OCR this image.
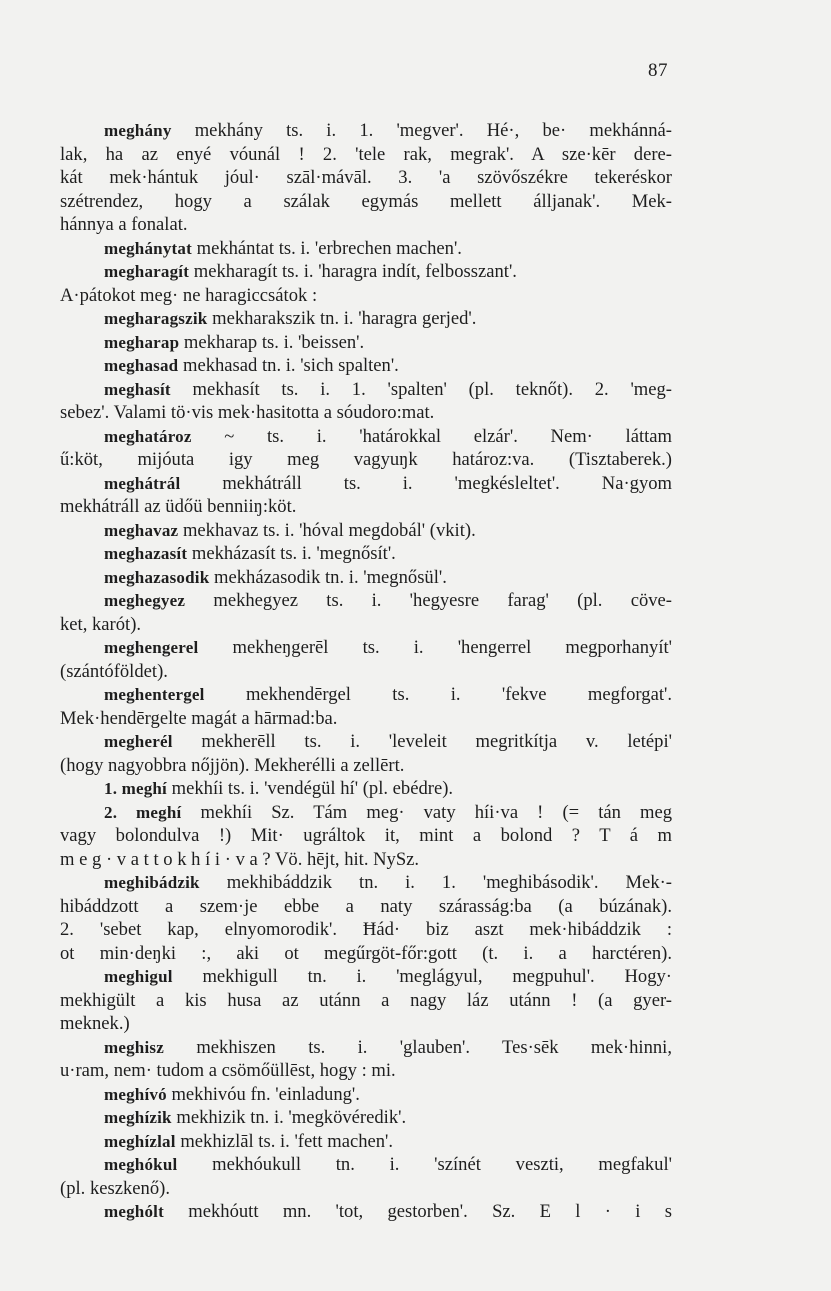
87
meghány mekhány ts. i. 1. 'megver'. Hé·, be· mekhánná-
lak, ha az enyé vóunál ! 2. 'tele rak, megrak'. A sze·kēr dere-
kát mek·hántuk jóul· szāl·mávāl. 3. 'a szövőszékre tekeréskor
szétrendez, hogy a szálak egymás mellett álljanak'. Mek-
hánnya a fonalat.
meghánytat mekhántat ts. i. 'erbrechen machen'.
megharagít mekharagít ts. i. 'haragra indít, felbosszant'.
A·pátokot meg· ne haragiccsátok :
megharagszik mekharakszik tn. i. 'haragra gerjed'.
megharap mekharap ts. i. 'beissen'.
meghasad mekhasad tn. i. 'sich spalten'.
meghasít mekhasít ts. i. 1. 'spalten' (pl. teknőt). 2. 'meg-
sebez'. Valami tö·vis mek·hasitotta a sóudoro:mat.
meghatároz ~ ts. i. 'határokkal elzár'. Nem· láttam
ű:köt, mijóuta igy meg vagyuŋk határoz:va. (Tisztaberek.)
meghátrál mekhátráll ts. i. 'megkésleltet'. Na·gyom
mekhátráll az üdőü benniiŋ:köt.
meghavaz mekhavaz ts. i. 'hóval megdobál' (vkit).
meghazasít mekházasít ts. i. 'megnősít'.
meghazasodik mekházasodik tn. i. 'megnősül'.
meghegyez mekhegyez ts. i. 'hegyesre farag' (pl. cöve-
ket, karót).
meghengerel mekheŋgerēl ts. i. 'hengerrel megporhanyít'
(szántóföldet).
meghentergel mekhendērgel ts. i. 'fekve megforgat'.
Mek·hendērgelte magát a hārmad:ba.
megherél mekherēll ts. i. 'leveleit megritkítja v. letépi'
(hogy nagyobbra nőjjön). Mekherélli a zellērt.
1. meghí mekhíi ts. i. 'vendégül hí' (pl. ebédre).
2. meghí mekhíi Sz. Tám meg· vaty híi·va ! (= tán meg
vagy bolondulva !) Mit· ugráltok it, mint a bolond ? T á m
m e g · v a t t o k h í i · v a ? Vö. hējt, hit. NySz.
meghibádzik mekhibáddzik tn. i. 1. 'meghibásodik'. Mek·-
hibáddzott a szem·je ebbe a naty szárasság:ba (a búzának).
2. 'sebet kap, elnyomorodik'. Ħád· biz aszt mek·hibáddzik :
ot min·deŋki :, aki ot megűrgöt-főr:gott (t. i. a harctéren).
meghigul mekhigull tn. i. 'meglágyul, megpuhul'. Hogy·
mekhigült a kis husa az utánn a nagy láz utánn ! (a gyer-
meknek.)
meghisz mekhiszen ts. i. 'glauben'. Tes·sēk mek·hinni,
u·ram, nem· tudom a csömőüllēst, hogy : mi.
meghívó mekhivóu fn. 'einladung'.
meghízik mekhizik tn. i. 'megkövéredik'.
meghízlal mekhizlāl ts. i. 'fett machen'.
meghókul mekhóukull tn. i. 'színét veszti, megfakul'
(pl. keszkenő).
meghólt mekhóutt mn. 'tot, gestorben'. Sz. E l · i s
